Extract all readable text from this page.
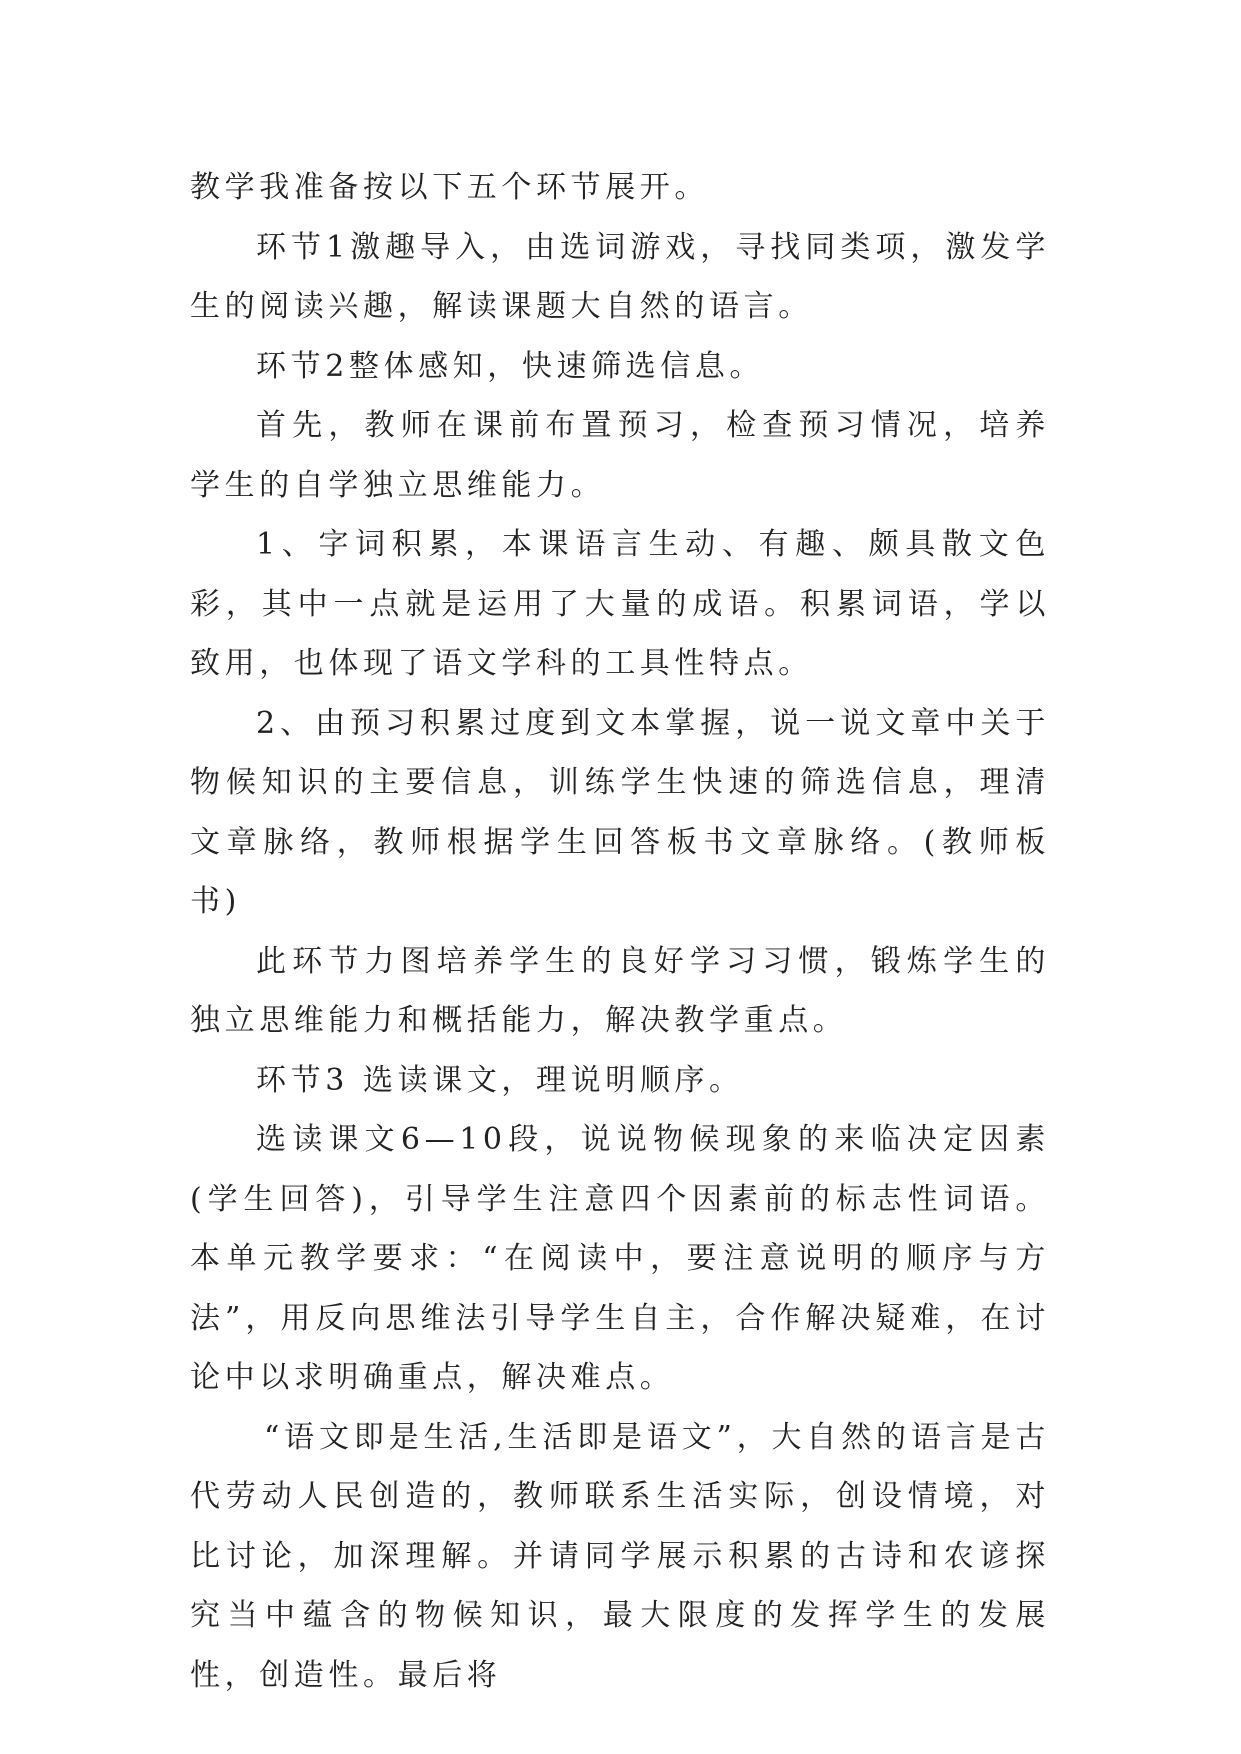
教学我准备按以下五个环节展开。

环节1激趣导入，由选词游戏，寻找同类项，激发学生的阅读兴趣，解读课题大自然的语言。

环节2整体感知，快速筛选信息。

首先，教师在课前布置预习，检查预习情况，培养学生的自学独立思维能力。

1、字词积累，本课语言生动、有趣、颇具散文色彩，其中一点就是运用了大量的成语。积累词语，学以致用，也体现了语文学科的工具性特点。

2、由预习积累过度到文本掌握，说一说文章中关于物候知识的主要信息，训练学生快速的筛选信息，理清文章脉络，教师根据学生回答板书文章脉络。(教师板书)

此环节力图培养学生的良好学习习惯，锻炼学生的独立思维能力和概括能力，解决教学重点。

环节3 选读课文，理说明顺序。

选读课文6—10段，说说物候现象的来临决定因素(学生回答)，引导学生注意四个因素前的标志性词语。本单元教学要求：“在阅读中，要注意说明的顺序与方法”，用反向思维法引导学生自主，合作解决疑难，在讨论中以求明确重点，解决难点。

“语文即是生活,生活即是语文”，大自然的语言是古代劳动人民创造的，教师联系生活实际，创设情境，对比讨论，加深理解。并请同学展示积累的古诗和农谚探究当中蕴含的物候知识，最大限度的发挥学生的发展性，创造性。最后将
